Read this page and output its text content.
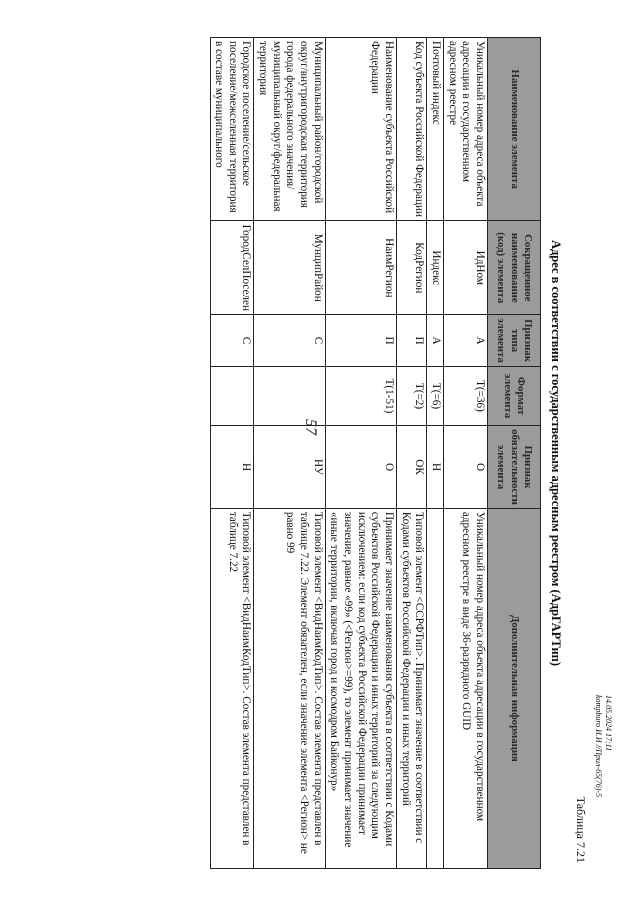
57
Таблица 7.21
Адрес в соответствии с государственным адресным реестром (АдрГАРТип)
Наименование элемента	Сокращенное наименование (код) элемента	Признак типа элемента	Формат элемента	Признак обязательности элемента	Дополнительная информация
Уникальный номер адреса объекта адресации в государственном адресном реестре	ИдНом	А	T(=36)	О	Уникальный номер адреса объекта адресации в государственном адресном реестре в виде 36-разрядного GUID
Почтовый индекс	Индекс	А	T(=6)	Н	
Код субъекта Российской Федерации	КодРегион	П	T(=2)	ОК	Типовой элемент <ССРФТип>. Принимает значение в соответствии с Кодами субъектов Российской Федерации и иных территорий
Наименование субъекта Российской Федерации	НаимРегион	П	T(1-51)	О	Принимает значение наименования субъекта в соответствии с Кодами субъектов Российской Федерации и иных территорий за следующим исключением: если код субъекта Российской Федерации принимает значение, равное «99» (<Регион>=99), то элемент принимает значение «иные территории, включая город и космодром Байконур»
Муниципальный район/городской округ/внутригородская территория города федерального значения/муниципальный округ/федеральная территория	МунципРайон	С		НУ	Типовой элемент <ВидНаимКодТип>. Состав элемента представлен в таблице 7.22. Элемент обязателен, если значение элемента <Регион> не равно 99
Городское поселение/сельское поселение/межселенная территория в составе муниципального	ГородСелПоселен	С		Н	Типовой элемент <ВидНаимКодТип>. Состав элемента представлен в таблице 7.22
14.05.2024 17:11
kompburo И.И //Прил-65(76)-5
